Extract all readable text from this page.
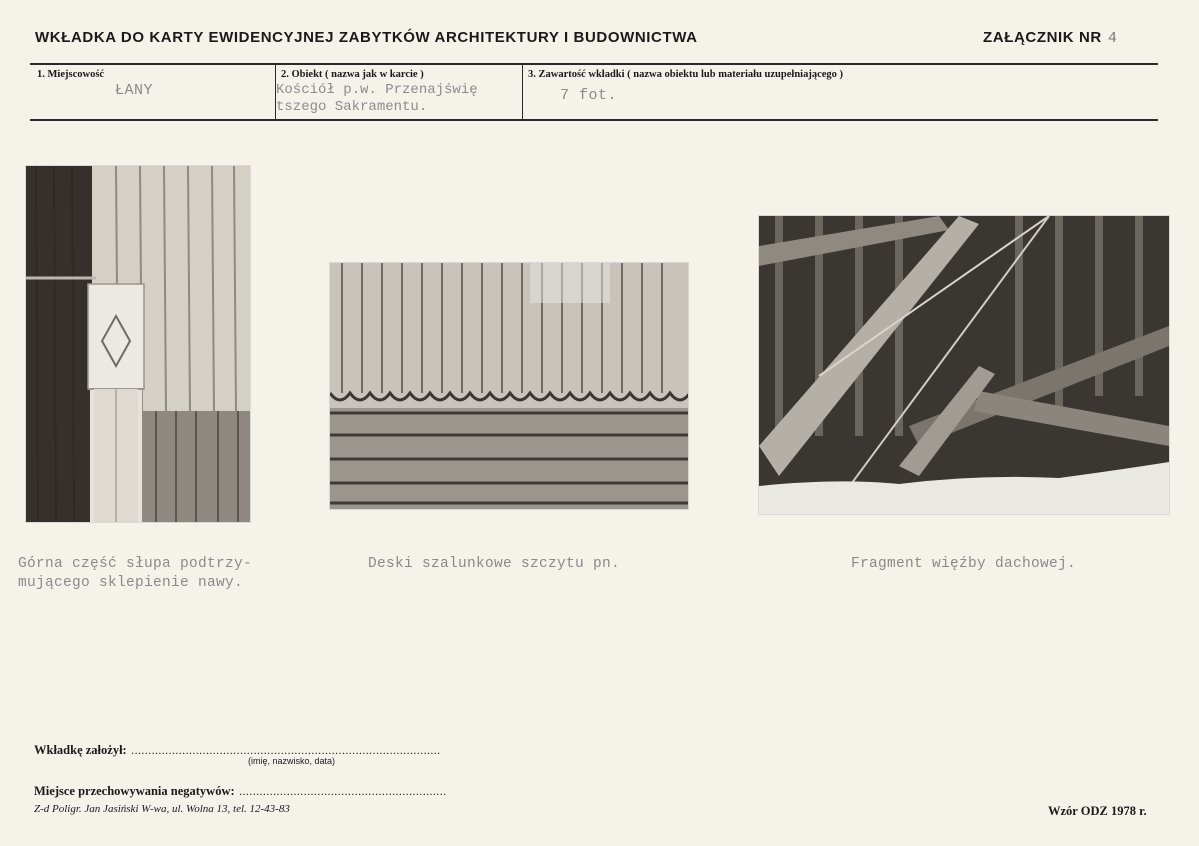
WKŁADKA DO KARTY EWIDENCYJNEJ ZABYTKÓW ARCHITEKTURY I BUDOWNICTWA	ZAŁĄCZNIK NR 4
1. Miejscowość
ŁANY
2. Obiekt ( nazwa jak w karcie )
Kościół p.w. Przenajświę
tszego Sakramentu.
3. Zawartość wkładki ( nazwa obiektu lub materiału uzupełniającego )
7 fot.
Górna część słupa podtrzy-
mującego sklepienie nawy.
Deski szalunkowe szczytu pn.	Fragment więźby dachowej.
Wkładkę założył: ...........................................................................................
(imię, nazwisko, data)
Miejsce przechowywania negatywów: .............................................................
Z-d Poligr. Jan Jasiński W-wa, ul. Wolna 13, tel. 12-43-83	Wzór ODZ 1978 r.
